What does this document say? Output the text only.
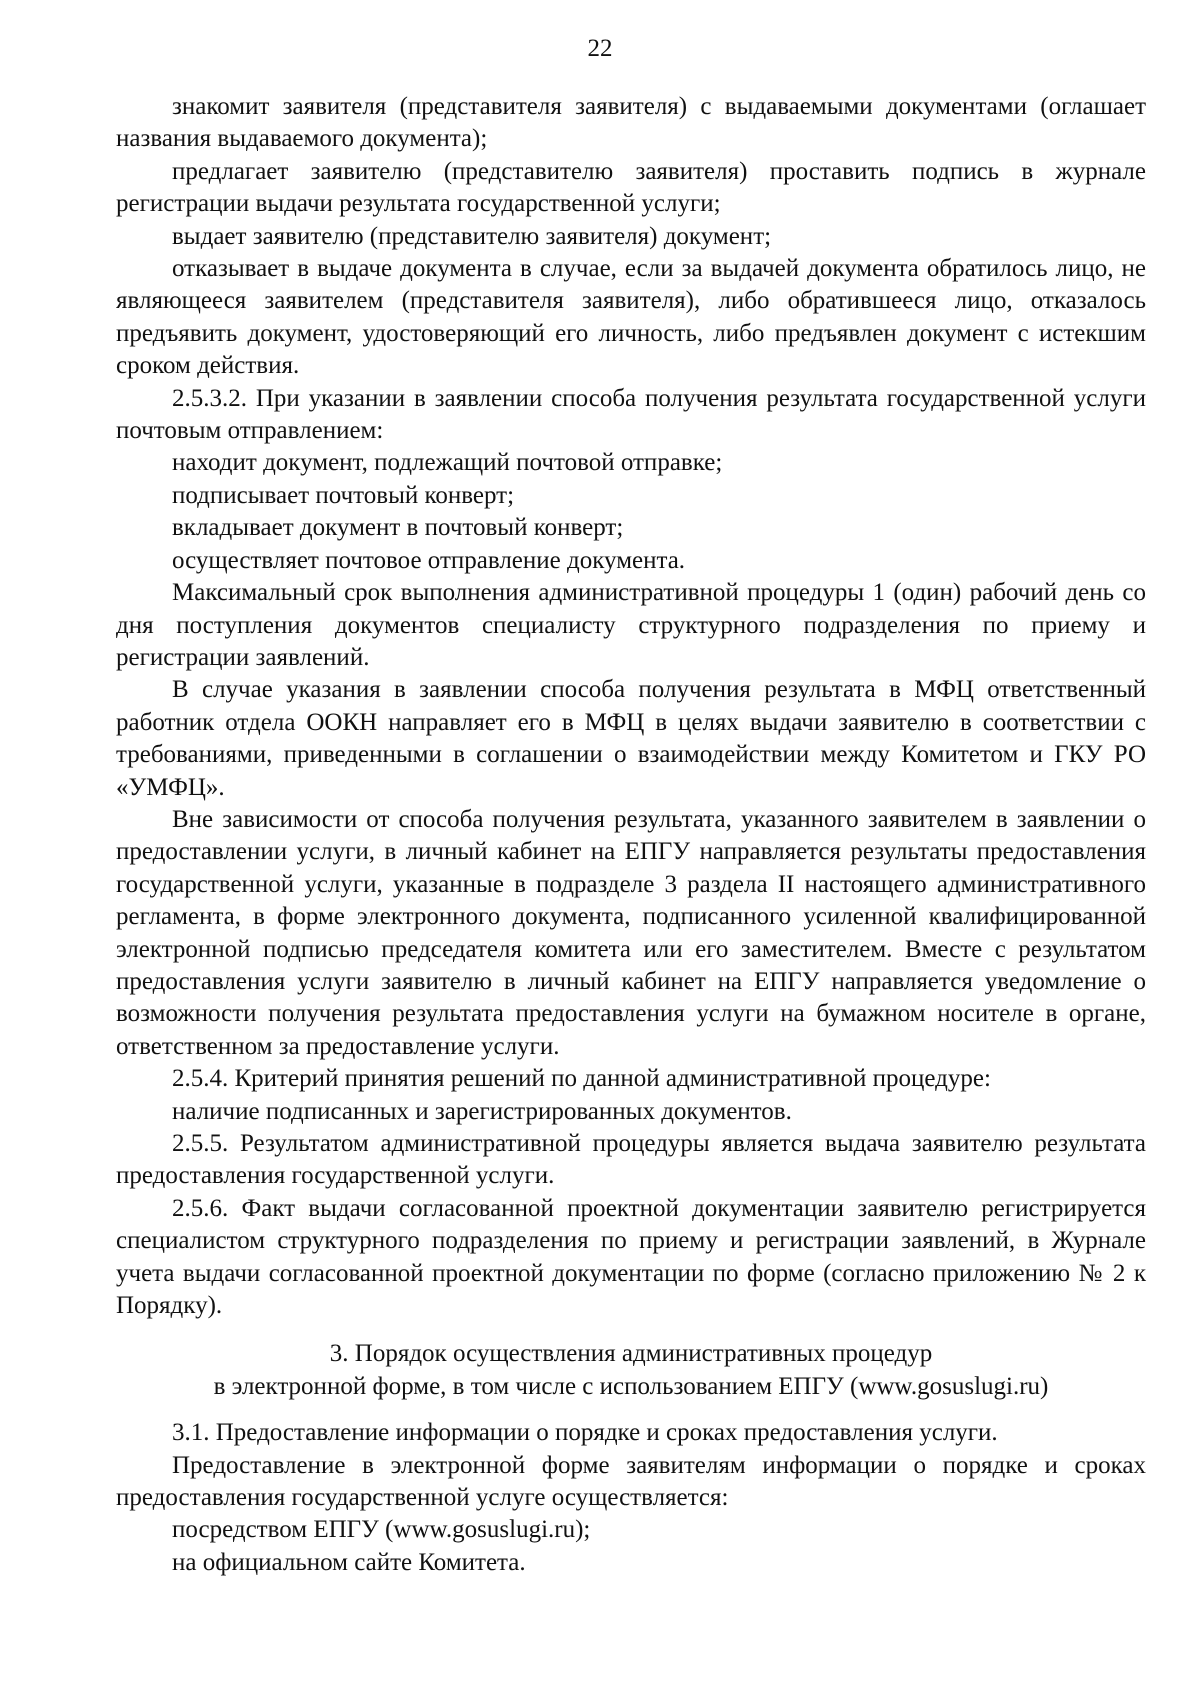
22

знакомит заявителя (представителя заявителя) с выдаваемыми документами (оглашает названия выдаваемого документа);

предлагает заявителю (представителю заявителя) проставить подпись в журнале регистрации выдачи результата государственной услуги;

выдает заявителю (представителю заявителя) документ;

отказывает в выдаче документа в случае, если за выдачей документа обратилось лицо, не являющееся заявителем (представителя заявителя), либо обратившееся лицо, отказалось предъявить документ, удостоверяющий его личность, либо предъявлен документ с истекшим сроком действия.

2.5.3.2. При указании в заявлении способа получения результата государственной услуги почтовым отправлением:

находит документ, подлежащий почтовой отправке;

подписывает почтовый конверт;

вкладывает документ в почтовый конверт;

осуществляет почтовое отправление документа.

Максимальный срок выполнения административной процедуры 1 (один) рабочий день со дня поступления документов специалисту структурного подразделения по приему и регистрации заявлений.

В случае указания в заявлении способа получения результата в МФЦ ответственный работник отдела ООКН направляет его в МФЦ в целях выдачи заявителю в соответствии с требованиями, приведенными в соглашении о взаимодействии между Комитетом и ГКУ РО «УМФЦ».

Вне зависимости от способа получения результата, указанного заявителем в заявлении о предоставлении услуги, в личный кабинет на ЕПГУ направляется результаты предоставления государственной услуги, указанные в подразделе 3 раздела II настоящего административного регламента, в форме электронного документа, подписанного усиленной квалифицированной электронной подписью председателя комитета или его заместителем. Вместе с результатом предоставления услуги заявителю в личный кабинет на ЕПГУ направляется уведомление о возможности получения результата предоставления услуги на бумажном носителе в органе, ответственном за предоставление услуги.

2.5.4. Критерий принятия решений по данной административной процедуре:

наличие подписанных и зарегистрированных документов.

2.5.5. Результатом административной процедуры является выдача заявителю результата предоставления государственной услуги.

2.5.6. Факт выдачи согласованной проектной документации заявителю регистрируется специалистом структурного подразделения по приему и регистрации заявлений, в Журнале учета выдачи согласованной проектной документации по форме (согласно приложению № 2 к Порядку).

3. Порядок осуществления административных процедур
в электронной форме, в том числе с использованием ЕПГУ (www.gosuslugi.ru)

3.1. Предоставление информации о порядке и сроках предоставления услуги.

Предоставление в электронной форме заявителям информации о порядке и сроках предоставления государственной услуге осуществляется:

посредством ЕПГУ (www.gosuslugi.ru);

на официальном сайте Комитета.
